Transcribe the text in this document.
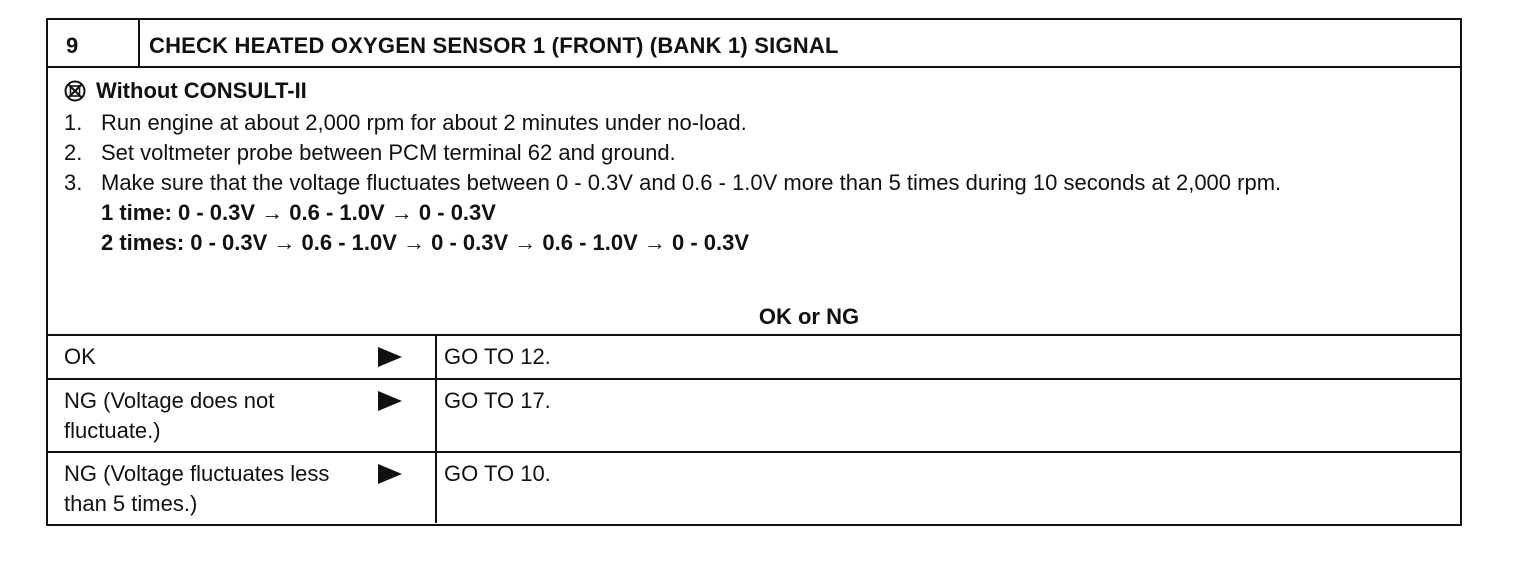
9	CHECK HEATED OXYGEN SENSOR 1 (FRONT) (BANK 1) SIGNAL
Without CONSULT-II
1. Run engine at about 2,000 rpm for about 2 minutes under no-load.
2. Set voltmeter probe between PCM terminal 62 and ground.
3. Make sure that the voltage fluctuates between 0 - 0.3V and 0.6 - 1.0V more than 5 times during 10 seconds at 2,000 rpm.
1 time: 0 - 0.3V → 0.6 - 1.0V → 0 - 0.3V
2 times: 0 - 0.3V → 0.6 - 1.0V → 0 - 0.3V → 0.6 - 1.0V → 0 - 0.3V
OK or NG
OK	GO TO 12.
NG (Voltage does not fluctuate.)
GO TO 17.
NG (Voltage fluctuates less than 5 times.)
GO TO 10.
